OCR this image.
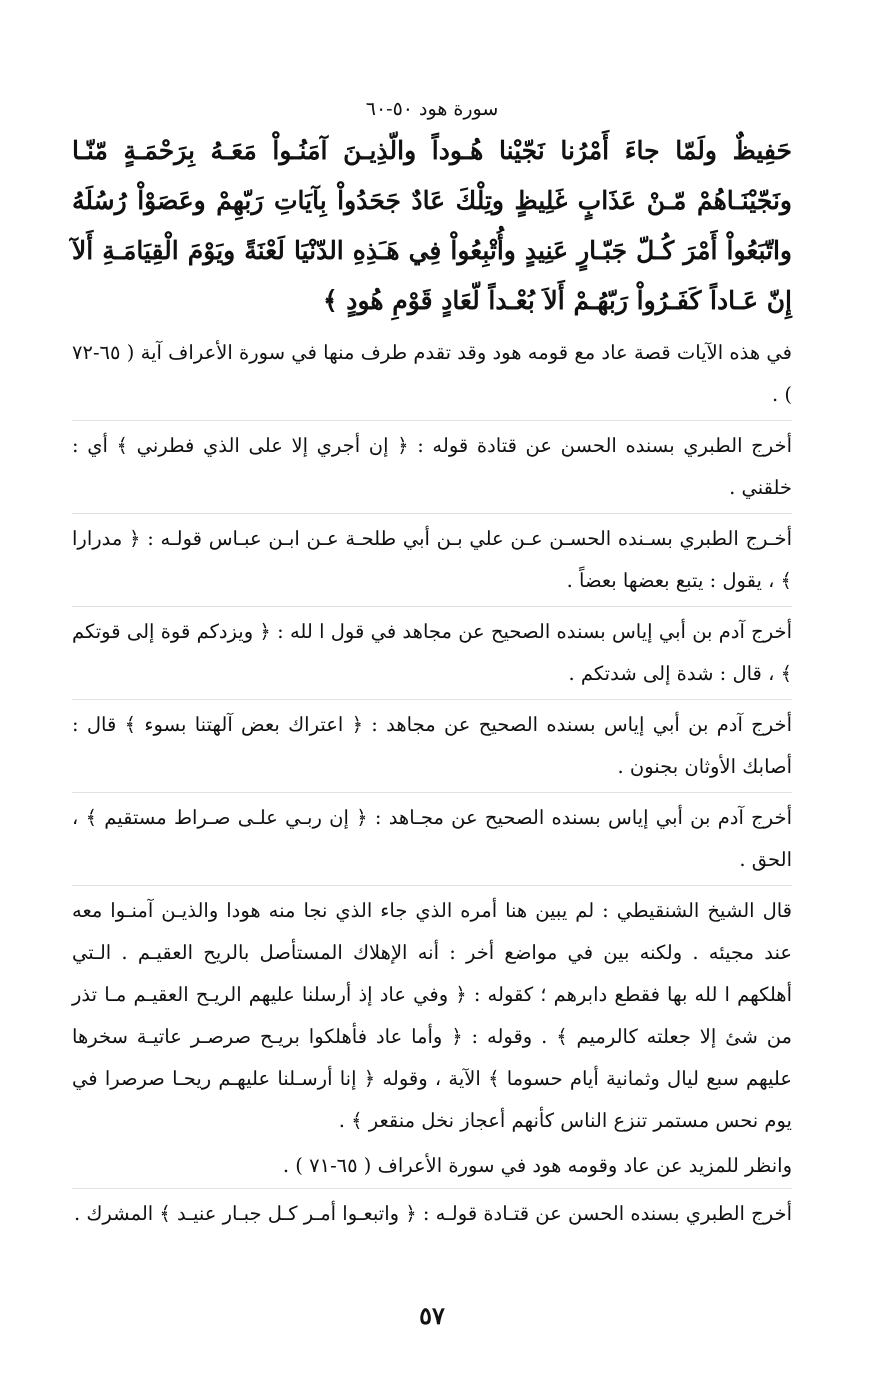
سورة هود ٥٠-٦٠

حَفِيظٌ ولَمّا جاءَ أَمْرُنا نَجّيْنا هُـوداً والّذِيـنَ آمَنُـواْ مَعَـهُ بِرَحْمَـةٍ مّنّـا ونَجّيْنَـاهُمْ مّـنْ عَذَابٍ غَلِيظٍ وتِلْكَ عَادٌ جَحَدُواْ بِآيَاتِ رَبّهِمْ وعَصَوْاْ رُسُلَهُ واتّبَعُواْ أَمْرَ كُـلّ جَبّـارٍ عَنِيدٍ وأُتْبِعُواْ فِي هَـَذِهِ الدّنْيَا لَعْنَةً ويَوْمَ الْقِيَامَـةِ أَلآ إِنّ عَـاداً كَفَـرُواْ رَبّهُـمْ أَلاَ بُعْـداً لّعَادٍ قَوْمِ هُودٍ ﴾

في هذه الآيات قصة عاد مع قومه هود وقد تقدم طرف منها في سورة الأعراف آية ( ٦٥-٧٢ ) .

أخرج الطبري بسنده الحسن عن قتادة قوله : ﴿ إن أجري إلا على الذي فطرني ﴾ أي : خلقني .

أخـرج الطبري بسـنده الحسـن عـن علي بـن أبي طلحـة عـن ابـن عبـاس قولـه : ﴿ مدرارا ﴾ ، يقول : يتبع بعضها بعضاً .

أخرج آدم بن أبي إياس بسنده الصحيح عن مجاهد في قول ا لله : ﴿ ويزدكم قوة إلى قوتكم ﴾ ، قال : شدة إلى شدتكم .

أخرج آدم بن أبي إياس بسنده الصحيح عن مجاهد : ﴿ اعتراك بعض آلهتنا بسوء ﴾ قال : أصابك الأوثان بجنون .

أخرج آدم بن أبي إياس بسنده الصحيح عن مجـاهد : ﴿ إن ربـي علـى صـراط مستقيم ﴾ ، الحق .

قال الشيخ الشنقيطي : لم يبين هنا أمره الذي جاء الذي نجا منه هودا والذيـن آمنـوا معه عند مجيئه . ولكنه بين في مواضع أخر : أنه الإهلاك المستأصل بالريح العقيـم . الـتي أهلكهم ا لله بها فقطع دابرهم ؛ كقوله : ﴿ وفي عاد إذ أرسلنا عليهم الريـح العقيـم مـا تذر من شئ إلا جعلته كالرميم ﴾ . وقوله : ﴿ وأما عاد فأهلكوا بريـح صرصـر عاتيـة سخرها عليهم سبع ليال وثمانية أيام حسوما ﴾ الآية ، وقوله ﴿ إنا أرسـلنا عليهـم ريحـا صرصرا في يوم نحس مستمر تنزع الناس كأنهم أعجاز نخل منقعر ﴾ .

وانظر للمزيد عن عاد وقومه هود في سورة الأعراف ( ٦٥-٧١ ) .

أخرج الطبري بسنده الحسن عن قتـادة قولـه : ﴿ واتبعـوا أمـر كـل جبـار عنيـد ﴾ المشرك .

٥٧
